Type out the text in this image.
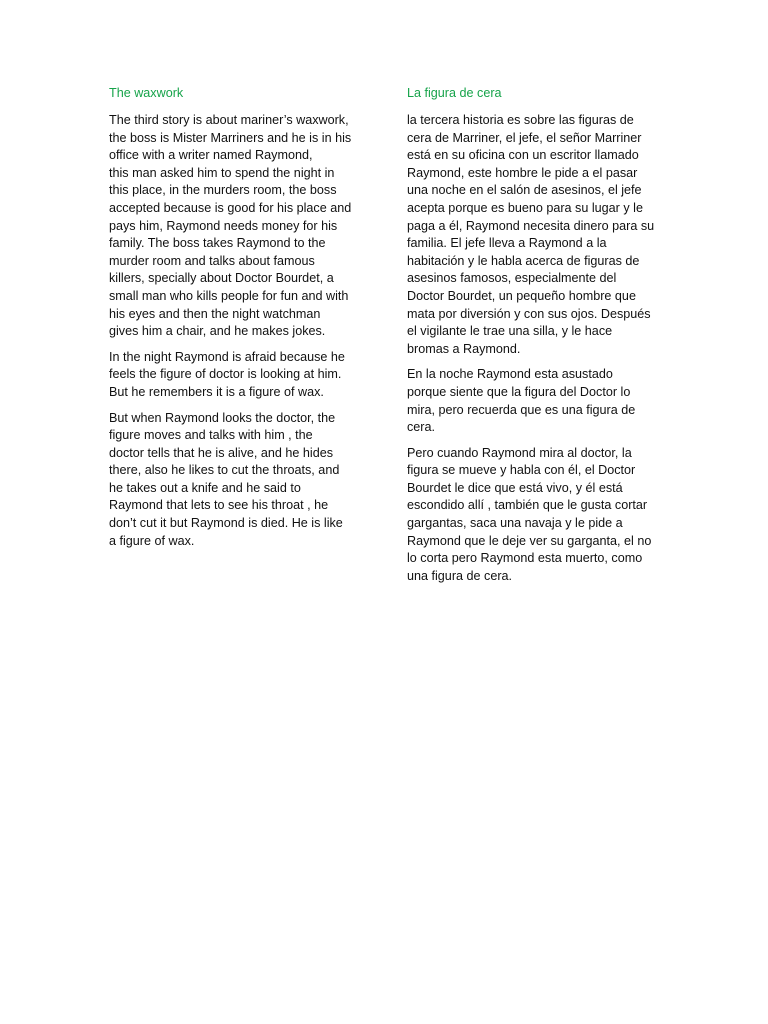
The waxwork

The third story is about mariner’s waxwork,
the boss is Mister Marriners and he is in his
office with a writer named Raymond,
this man asked him to spend the night in
this place, in the murders room, the boss
accepted because is good for his place and
pays him, Raymond needs money for his
family. The boss takes Raymond to the
murder room and talks about famous
killers, specially about Doctor Bourdet, a
small man who kills people for fun and with
his eyes and then the night watchman
gives him a chair, and he makes jokes.

In the night Raymond is afraid because he
feels the figure of doctor is looking at him.
But he remembers it is a figure of wax.

But when Raymond looks the doctor, the
figure moves and talks with him , the
doctor tells that he is alive, and he hides
there, also he likes to cut the throats, and
he takes out a knife and he said to
Raymond that lets to see his throat , he
don’t cut it but Raymond is died. He is like
a figure of wax.

La figura de cera

la tercera historia es sobre las figuras de
cera de Marriner, el jefe, el señor Marriner
está en su oficina con un escritor llamado
Raymond, este hombre le pide a el pasar
una noche en el salón de asesinos, el jefe
acepta porque es bueno para su lugar y le
paga a él, Raymond necesita dinero para su
familia. El jefe lleva a Raymond a la
habitación y le habla acerca de figuras de
asesinos famosos, especialmente del
Doctor Bourdet, un pequeño hombre que
mata por diversión y con sus ojos. Después
el vigilante le trae una silla, y le hace
bromas a Raymond.

En la noche Raymond esta asustado
porque siente que la figura del Doctor lo
mira, pero recuerda que es una figura de
cera.

Pero cuando Raymond mira al doctor, la
figura se mueve y habla con él, el Doctor
Bourdet le dice que está vivo, y él está
escondido allí , también que le gusta cortar
gargantas, saca una navaja y le pide a
Raymond que le deje ver su garganta, el no
lo corta pero Raymond esta muerto, como
una figura de cera.
